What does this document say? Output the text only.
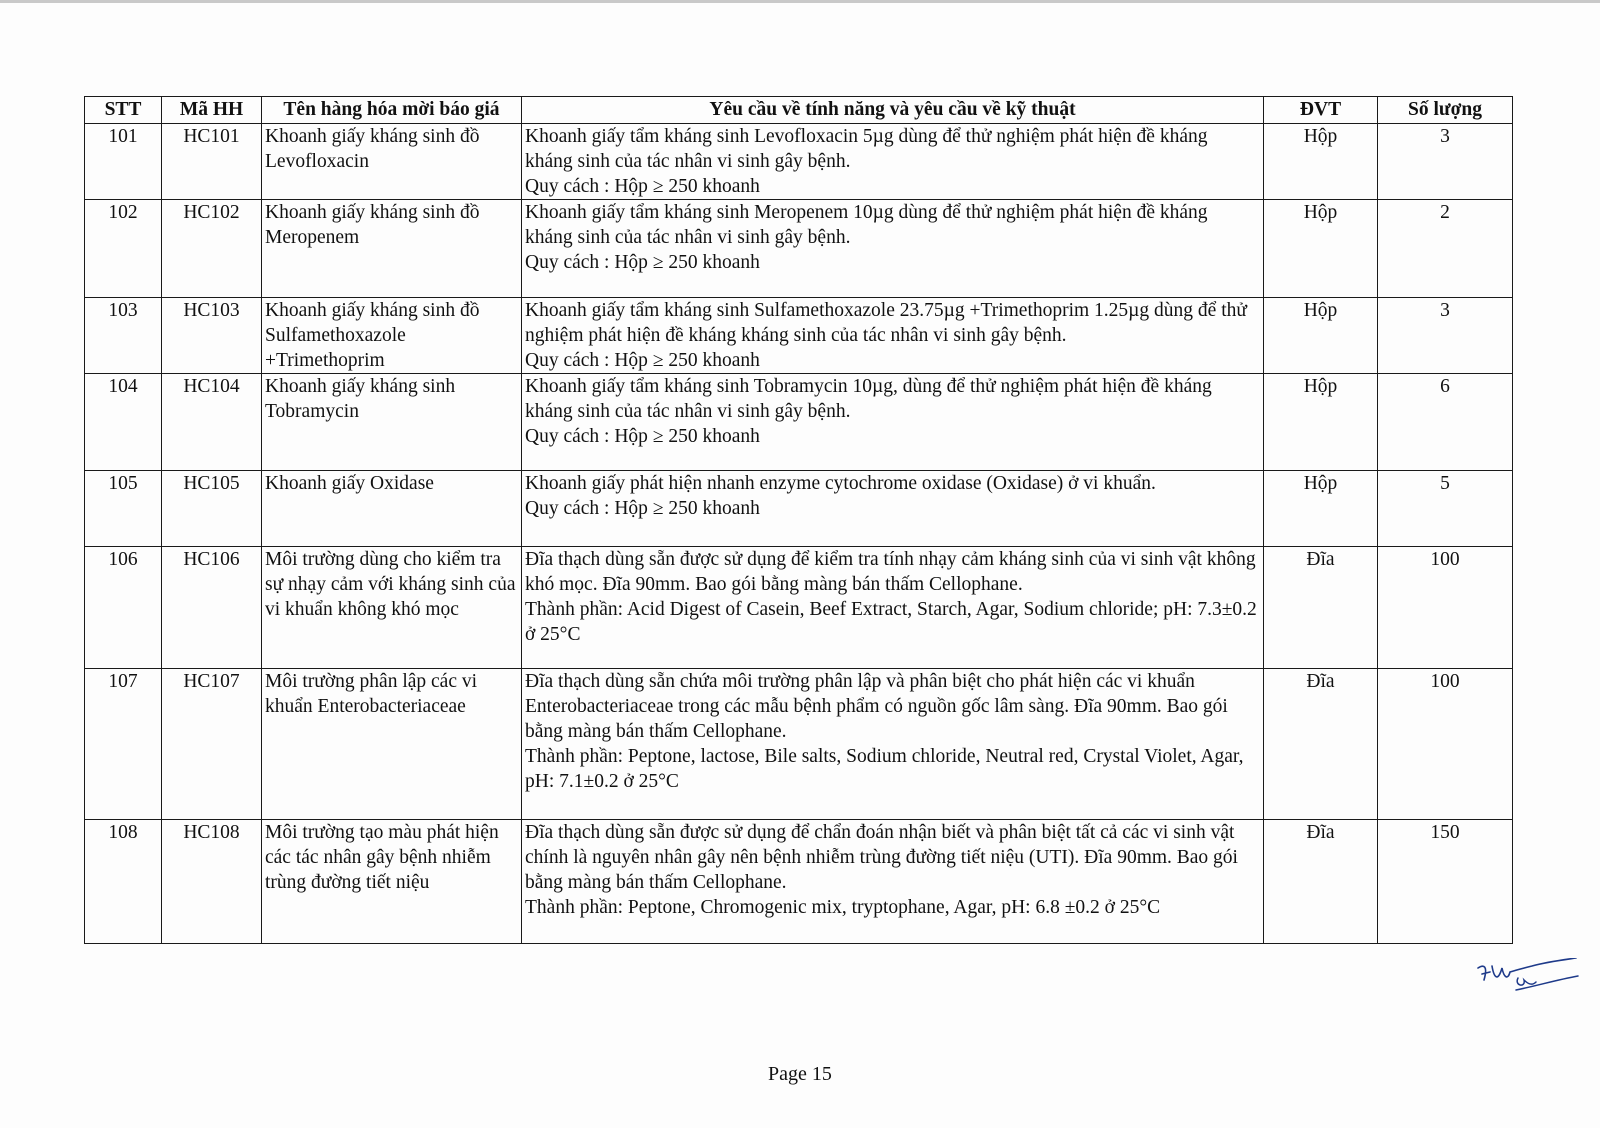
STT	Mã HH	Tên hàng hóa mời báo giá	Yêu cầu về tính năng và yêu cầu về kỹ thuật	ĐVT	Số lượng
101	HC101	Khoanh giấy kháng sinh đồ Levofloxacin	Khoanh giấy tẩm kháng sinh Levofloxacin 5µg dùng để thử nghiệm phát hiện đề kháng kháng sinh của tác nhân vi sinh gây bệnh.
Quy cách : Hộp ≥ 250 khoanh	Hộp	3
102	HC102	Khoanh giấy kháng sinh đồ Meropenem	Khoanh giấy tẩm kháng sinh Meropenem 10µg dùng để thử nghiệm phát hiện đề kháng kháng sinh của tác nhân vi sinh gây bệnh.
Quy cách : Hộp ≥ 250 khoanh	Hộp	2
103	HC103	Khoanh giấy kháng sinh đồ Sulfamethoxazole +Trimethoprim	Khoanh giấy tẩm kháng sinh Sulfamethoxazole 23.75µg +Trimethoprim 1.25µg dùng để thử nghiệm phát hiện đề kháng kháng sinh của tác nhân vi sinh gây bệnh.
Quy cách : Hộp ≥ 250 khoanh	Hộp	3
104	HC104	Khoanh giấy kháng sinh Tobramycin	Khoanh giấy tẩm kháng sinh Tobramycin 10µg, dùng để thử nghiệm phát hiện đề kháng kháng sinh của tác nhân vi sinh gây bệnh.
Quy cách : Hộp ≥ 250 khoanh	Hộp	6
105	HC105	Khoanh giấy Oxidase	Khoanh giấy phát hiện nhanh enzyme cytochrome oxidase (Oxidase) ở vi khuẩn.
Quy cách : Hộp ≥ 250 khoanh	Hộp	5
106	HC106	Môi trường dùng cho kiểm tra sự nhạy cảm với kháng sinh của vi khuẩn không khó mọc	Đĩa thạch dùng sẵn được sử dụng để kiểm tra tính nhạy cảm kháng sinh của vi sinh vật không khó mọc. Đĩa 90mm. Bao gói bằng màng bán thấm Cellophane.
Thành phần: Acid Digest of Casein, Beef Extract, Starch, Agar, Sodium chloride; pH: 7.3±0.2 ở 25°C	Đĩa	100
107	HC107	Môi trường phân lập các vi khuẩn Enterobacteriaceae	Đĩa thạch dùng sẵn chứa môi trường phân lập và phân biệt cho phát hiện các vi khuẩn Enterobacteriaceae trong các mẫu bệnh phẩm có nguồn gốc lâm sàng. Đĩa 90mm. Bao gói bằng màng bán thấm Cellophane.
Thành phần: Peptone, lactose, Bile salts, Sodium chloride, Neutral red, Crystal Violet, Agar, pH: 7.1±0.2 ở 25°C	Đĩa	100
108	HC108	Môi trường tạo màu phát hiện các tác nhân gây bệnh nhiễm trùng đường tiết niệu	Đĩa thạch dùng sẵn được sử dụng để chẩn đoán nhận biết và phân biệt tất cả các vi sinh vật chính là nguyên nhân gây nên bệnh nhiễm trùng đường tiết niệu (UTI). Đĩa 90mm. Bao gói bằng màng bán thấm Cellophane.
Thành phần: Peptone, Chromogenic mix, tryptophane, Agar, pH: 6.8 ±0.2 ở 25°C	Đĩa	150
Page 15
